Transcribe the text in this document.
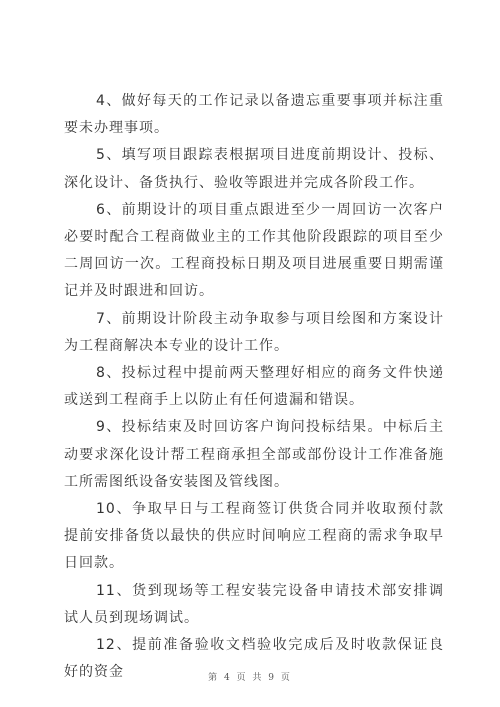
4、做好每天的工作记录以备遗忘重要事项并标注重要未办理事项。

5、填写项目跟踪表根据项目进度前期设计、投标、深化设计、备货执行、验收等跟进并完成各阶段工作。

6、前期设计的项目重点跟进至少一周回访一次客户必要时配合工程商做业主的工作其他阶段跟踪的项目至少二周回访一次。工程商投标日期及项目进展重要日期需谨记并及时跟进和回访。

7、前期设计阶段主动争取参与项目绘图和方案设计为工程商解决本专业的设计工作。

8、投标过程中提前两天整理好相应的商务文件快递或送到工程商手上以防止有任何遗漏和错误。

9、投标结束及时回访客户询问投标结果。中标后主动要求深化设计帮工程商承担全部或部份设计工作准备施工所需图纸设备安装图及管线图。

10、争取早日与工程商签订供货合同并收取预付款提前安排备货以最快的供应时间响应工程商的需求争取早日回款。

11、货到现场等工程安装完设备申请技术部安排调试人员到现场调试。

12、提前准备验收文档验收完成后及时收款保证良好的资金	第 4 页 共 9 页
